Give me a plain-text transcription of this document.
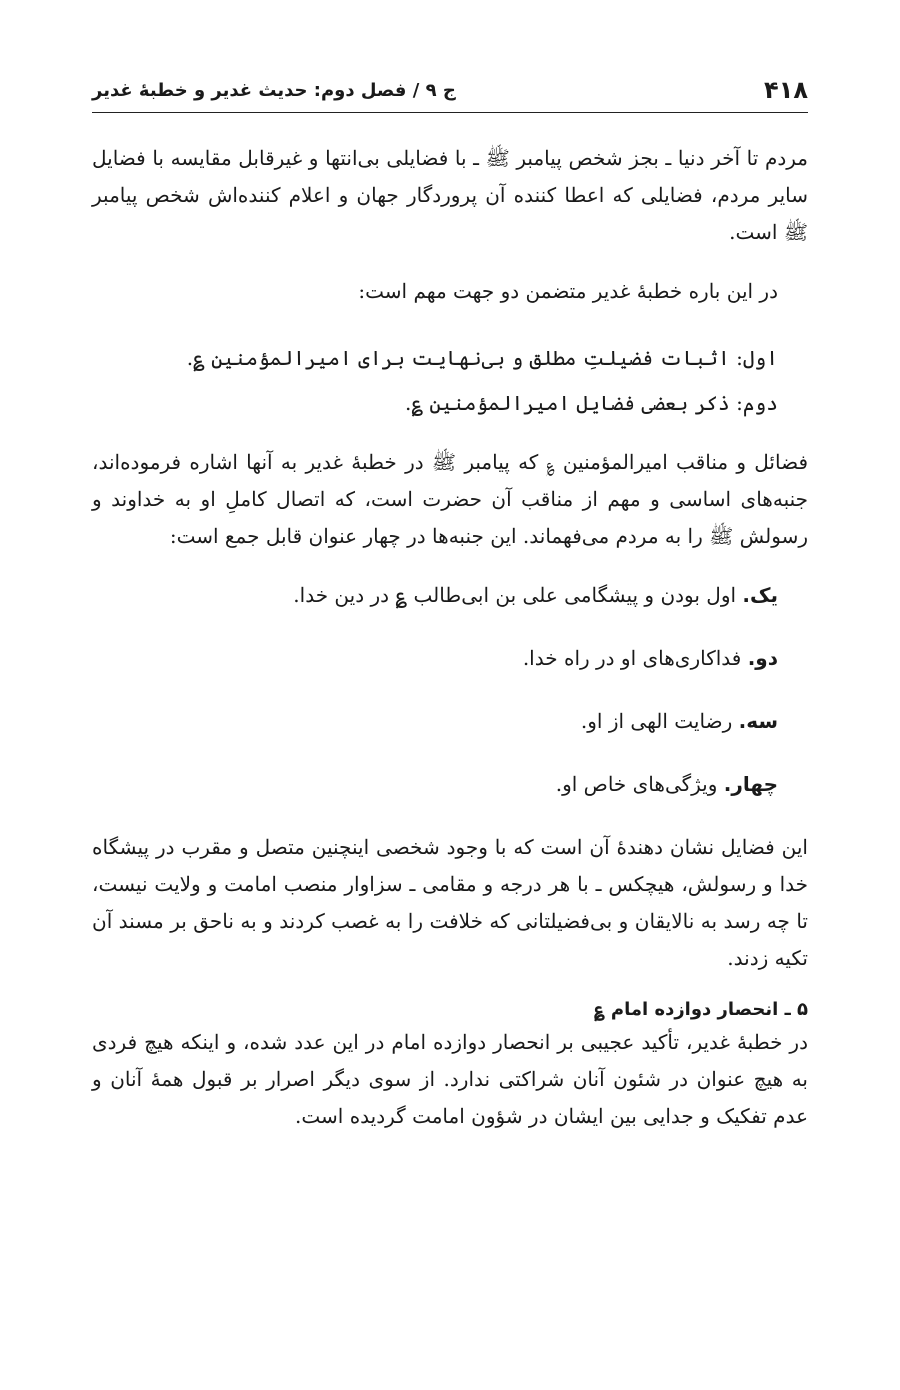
۴۱۸
ج ۹ / فصل دوم: حدیث غدیر و خطبهٔ غدیر

مردم تا آخر دنیا ـ بجز شخص پیامبر ﷺ ـ با فضایلی بی‌انتها و غیرقابل مقایسه با فضایل سایر مردم، فضایلی که اعطا کننده آن پروردگار جهان و اعلام کننده‌اش شخص پیامبر ﷺ است.

در این باره خطبهٔ غدیر متضمن دو جهت مهم است:

اول: اثبات فضیلتِ مطلق و بی‌نهایت برای امیرالمؤمنین ؏.

دوم: ذکر بعضی فضایل امیرالمؤمنین ؏.

فضائل و مناقب امیرالمؤمنین ؏ که پیامبر ﷺ در خطبهٔ غدیر به آنها اشاره فرموده‌اند، جنبه‌های اساسی و مهم از مناقب آن حضرت است، که اتصال کاملِ او به خداوند و رسولش ﷺ را به مردم می‌فهماند. این جنبه‌ها در چهار عنوان قابل جمع است:

یک. اول بودن و پیشگامی علی بن ابی‌طالب ؏ در دین خدا.

دو. فداکاری‌های او در راه خدا.

سه. رضایت الهی از او.

چهار. ویژگی‌های خاص او.

این فضایل نشان دهندهٔ آن است که با وجود شخصی اینچنین متصل و مقرب در پیشگاه خدا و رسولش، هیچکس ـ با هر درجه و مقامی ـ سزاوار منصب امامت و ولایت نیست، تا چه رسد به نالایقان و بی‌فضیلتانی که خلافت را به غصب کردند و به ناحق بر مسند آن تکیه زدند.

۵ ـ انحصار دوازده امام ؏

در خطبهٔ غدیر، تأکید عجیبی بر انحصار دوازده امام در این عدد شده، و اینکه هیچ فردی به هیچ عنوان در شئون آنان شراکتی ندارد. از سوی دیگر اصرار بر قبول همهٔ آنان و عدم تفکیک و جدایی بین ایشان در شؤون امامت گردیده است.
